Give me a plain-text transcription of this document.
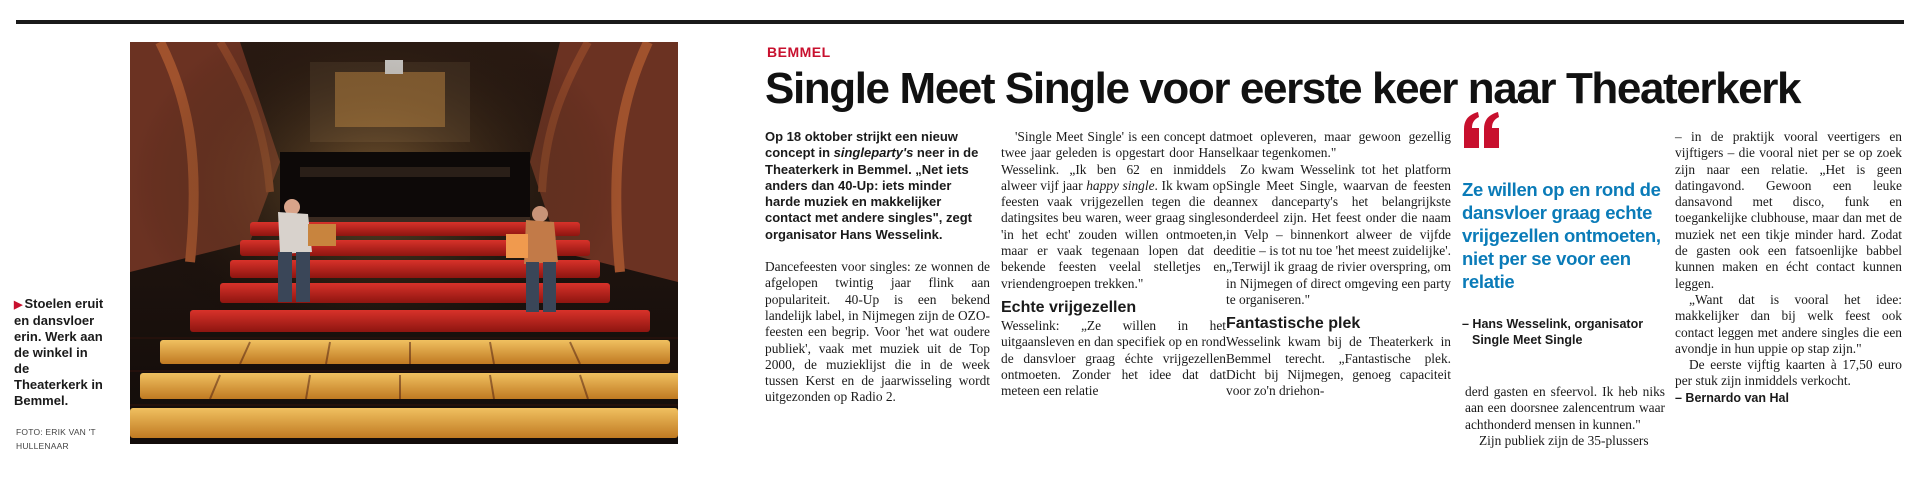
▶ Stoelen eruit en dansvloer erin. Werk aan de winkel in de Theaterkerk in Bemmel.
FOTO: ERIK VAN 'T HULLENAAR
BEMMEL
Single Meet Single voor eerste keer naar Theaterkerk

Op 18 oktober strijkt een nieuw concept in singleparty's neer in de Theaterkerk in Bemmel. „Net iets anders dan 40-Up: iets minder harde muziek en makkelijker contact met andere singles", zegt organisator Hans Wesselink.

Dancefeesten voor singles: ze wonnen de afgelopen twintig jaar flink aan populariteit. 40-Up is een bekend landelijk label, in Nijmegen zijn de OZO-feesten een begrip. Voor 'het wat oudere publiek', vaak met muziek uit de Top 2000, de muzieklijst die in de week tussen Kerst en de jaarwisseling wordt uitgezonden op Radio 2.

'Single Meet Single' is een concept dat twee jaar geleden is opgestart door Hans Wesselink. „Ik ben 62 en inmiddels alweer vijf jaar happy single. Ik kwam op feesten vaak vrijgezellen tegen die de datingsites beu waren, weer graag singles 'in het echt' zouden willen ontmoeten, maar er vaak tegenaan lopen dat de bekende feesten veelal stelletjes en vriendengroepen trekken."

Echte vrijgezellen

Wesselink: „Ze willen in het uitgaansleven en dan specifiek op en rond de dansvloer graag échte vrijgezellen ontmoeten. Zonder het idee dat dat meteen een relatie

moet opleveren, maar gewoon gezellig elkaar tegenkomen."

Zo kwam Wesselink tot het platform Single Meet Single, waarvan de feesten annex danceparty's het belangrijkste onderdeel zijn. Het feest onder die naam in Velp – binnenkort alweer de vijfde editie – is tot nu toe 'het meest zuidelijke'. „Terwijl ik graag de rivier overspring, om in Nijmegen of direct omgeving een party te organiseren."

Fantastische plek

Wesselink kwam bij de Theaterkerk in Bemmel terecht. „Fantastische plek. Dicht bij Nijmegen, genoeg capaciteit voor zo'n driehon-

Ze willen op en rond de dansvloer graag echte vrijgezellen ontmoeten, niet per se voor een relatie
– Hans Wesselink, organisator
Single Meet Single

derd gasten en sfeervol. Ik heb niks aan een doorsnee zalencentrum waar achthonderd mensen in kunnen."

Zijn publiek zijn de 35-plussers

– in de praktijk vooral veertigers en vijftigers – die vooral niet per se op zoek zijn naar een relatie. „Het is geen datingavond. Gewoon een leuke dansavond met disco, funk en toegankelijke clubhouse, maar dan met de muziek net een tikje minder hard. Zodat de gasten ook een fatsoenlijke babbel kunnen maken en écht contact kunnen leggen.

„Want dat is vooral het idee: makkelijker dan bij welk feest ook contact leggen met andere singles die een avondje in hun uppie op stap zijn."

De eerste vijftig kaarten à 17,50 euro per stuk zijn inmiddels verkocht.

– Bernardo van Hal
